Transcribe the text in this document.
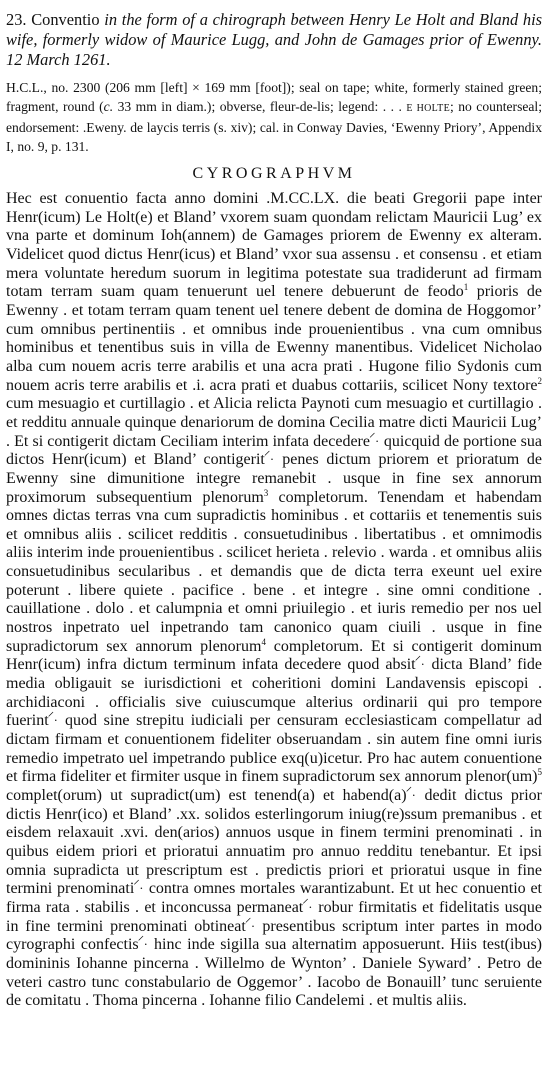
23. Conventio in the form of a chirograph between Henry Le Holt and Bland his wife, formerly widow of Maurice Lugg, and John de Gamages prior of Ewenny. 12 March 1261.

H.C.L., no. 2300 (206 mm [left] × 169 mm [foot]); seal on tape; white, formerly stained green; fragment, round (c. 33 mm in diam.); obverse, fleur-de-lis; legend: . . . E HOLTE; no counterseal; endorsement: .Eweny. de laycis terris (s. xiv); cal. in Conway Davies, ‘Ewenny Priory’, Appendix I, no. 9, p. 131.

CYROGRAPHVM

Hec est conuentio facta anno domini .M.CC.LX. die beati Gregorii pape inter Henr(icum) Le Holt(e) et Bland’ vxorem suam quondam relictam Mauricii Lug’ ex vna parte et dominum Ioh(annem) de Gamages priorem de Ewenny ex alteram. Videlicet quod dictus Henr(icus) et Bland’ vxor sua assensu . et consensu . et etiam mera voluntate heredum suorum in legitima potestate sua tradiderunt ad firmam totam terram suam quam tenuerunt uel tenere debuerunt de feodo$^1$ prioris de Ewenny . et totam terram quam tenent uel tenere debent de domina de Hoggomor’ cum omnibus pertinentiis . et omnibus inde prouenientibus . vna cum omnibus hominibus et tenentibus suis in villa de Ewenny manentibus. Videlicet Nicholao alba cum nouem acris terre arabilis et una acra prati . Hugone filio Sydonis cum nouem acris terre arabilis et .i. acra prati et duabus cottariis, scilicet Nony textore$^2$ cum mesuagio et curtillagio . et Alicia relicta Paynoti cum mesuagio et curtillagio . et redditu annuale quinque denariorum de domina Cecilia matre dicti Mauricii Lug’ . Et si contigerit dictam Ceciliam interim infata decedere⸍. quicquid de portione sua dictos Henr(icum) et Bland’ contigerit⸍. penes dictum priorem et prioratum de Ewenny sine dimunitione integre remanebit . usque in fine sex annorum proximorum subsequentium plenorum$^3$ completorum. Tenendam et habendam omnes dictas terras vna cum supradictis hominibus . et cottariis et tenementis suis et omnibus aliis . scilicet redditis . consuetudinibus . libertatibus . et omnimodis aliis interim inde prouenientibus . scilicet herieta . relevio . warda . et omnibus aliis consuetudinibus secularibus . et demandis que de dicta terra exeunt uel exire poterunt . libere quiete . pacifice . bene . et integre . sine omni conditione . cauillatione . dolo . et calumpnia et omni priuilegio . et iuris remedio per nos uel nostros inpetrato uel inpetrando tam canonico quam ciuili . usque in fine supradictorum sex annorum plenorum$^4$ completorum. Et si contigerit dominum Henr(icum) infra dictum terminum infata decedere quod absit⸍. dicta Bland’ fide media obligauit se iurisdictioni et coheritioni domini Landavensis episcopi . archidiaconi . officialis sive cuiuscumque alterius ordinarii qui pro tempore fuerint⸍. quod sine strepitu iudiciali per censuram ecclesiasticam compellatur ad dictam firmam et conuentionem fideliter obseruandam . sin autem fine omni iuris remedio impetrato uel impetrando publice exq(u)icetur. Pro hac autem conuentione et firma fideliter et firmiter usque in finem supradictorum sex annorum plenor(um)$^5$ complet(orum) ut supradict(um) est tenend(a) et habend(a)⸍. dedit dictus prior dictis Henr(ico) et Bland’ .xx. solidos esterlingorum iniug(re)ssum premanibus . et eisdem relaxauit .xvi. den(arios) annuos usque in finem termini prenominati . in quibus eidem priori et prioratui annuatim pro annuo redditu tenebantur. Et ipsi omnia supradicta ut prescriptum est . predictis priori et prioratui usque in fine termini prenominati⸍. contra omnes mortales warantizabunt. Et ut hec conuentio et firma rata . stabilis . et inconcussa permaneat⸍. robur firmitatis et fidelitatis usque in fine termini prenominati obtineat⸍. presentibus scriptum inter partes in modo cyrographi confectis⸍. hinc inde sigilla sua alternatim apposuerunt. Hiis test(ibus) domininis Iohanne pincerna . Willelmo de Wynton’ . Daniele Syward’ . Petro de veteri castro tunc constabulario de Oggemor’ . Iacobo de Bonauill’ tunc seruiente de comitatu . Thoma pincerna . Iohanne filio Candelemi . et multis aliis.
